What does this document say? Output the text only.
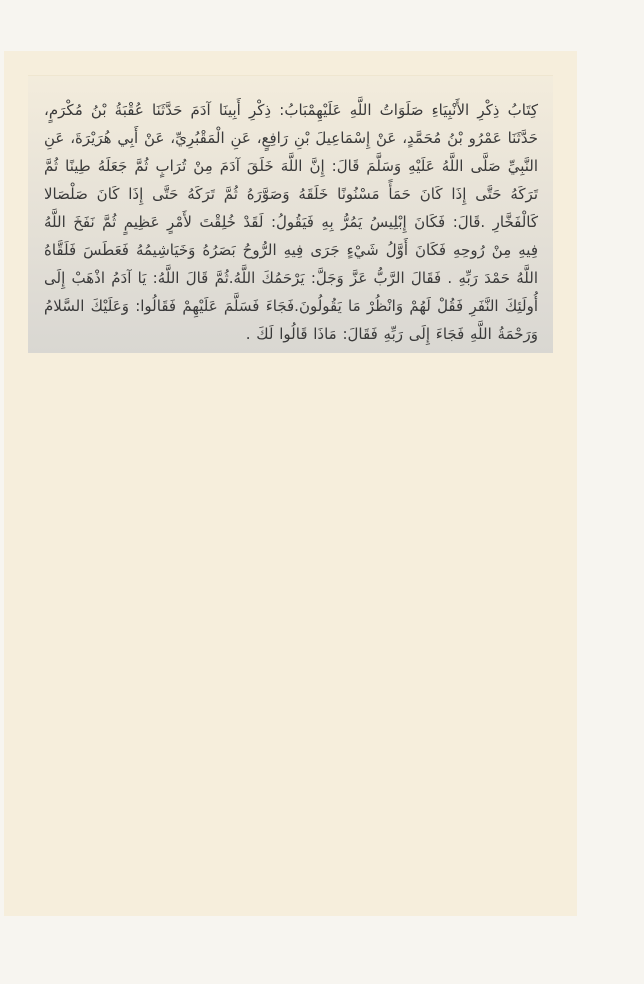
كِتَابُ ذِكْرِ الأَنْبِيَاءِ صَلَوَاتُ اللَّهِ عَلَيْهِمْبَابُ: ذِكْرِ أَبِينَا آدَمَ حَدَّثَنَا عُقْبَةُ بْنُ مُكْرَمٍ، حَدَّثَنَا عَمْرُو بْنُ مُحَمَّدٍ، عَنْ إِسْمَاعِيلَ بْنِ رَافِعٍ، عَنِ الْمَقْبُرِيِّ، عَنْ أَبِي هُرَيْرَةَ، عَنِ النَّبِيِّ صَلَّى اللَّهُ عَلَيْهِ وَسَلَّمَ قَالَ: إِنَّ اللَّهَ خَلَقَ آدَمَ مِنْ تُرَابٍ ثُمَّ جَعَلَهُ طِينًا ثُمَّ تَرَكَهُ حَتَّى إِذَا كَانَ حَمَأً مَسْنُونًا خَلَقَهُ وَصَوَّرَهُ ثُمَّ تَرَكَهُ حَتَّى إِذَا كَانَ صَلْصَالا كَالْفَخَّارِ .قَالَ: فَكَانَ إِبْلِيسُ يَمُرُّ بِهِ فَيَقُولُ: لَقَدْ خُلِقْتَ لأَمْرٍ عَظِيمٍ ثُمَّ نَفَخَ اللَّهُ فِيهِ مِنْ رُوحِهِ فَكَانَ أَوَّلُ شَيْءٍ جَرَى فِيهِ الرُّوحُ بَصَرُهُ وَخَيَاشِيمُهُ فَعَطَسَ فَلَقَّاهُ اللَّهُ حَمْدَ رَبِّهِ . فَقَالَ الرَّبُّ عَزَّ وَجَلَّ: يَرْحَمُكَ اللَّهُ.ثُمَّ قَالَ اللَّهُ: يَا آدَمُ اذْهَبْ إِلَى أُولَئِكَ النَّفَرِ فَقُلْ لَهُمْ وَانْظُرْ مَا يَقُولُونَ.فَجَاءَ فَسَلَّمَ عَلَيْهِمْ فَقَالُوا: وَعَلَيْكَ السَّلامُ وَرَحْمَةُ اللَّهِ فَجَاءَ إِلَى رَبِّهِ فَقَالَ: مَاذَا قَالُوا لَكَ .
